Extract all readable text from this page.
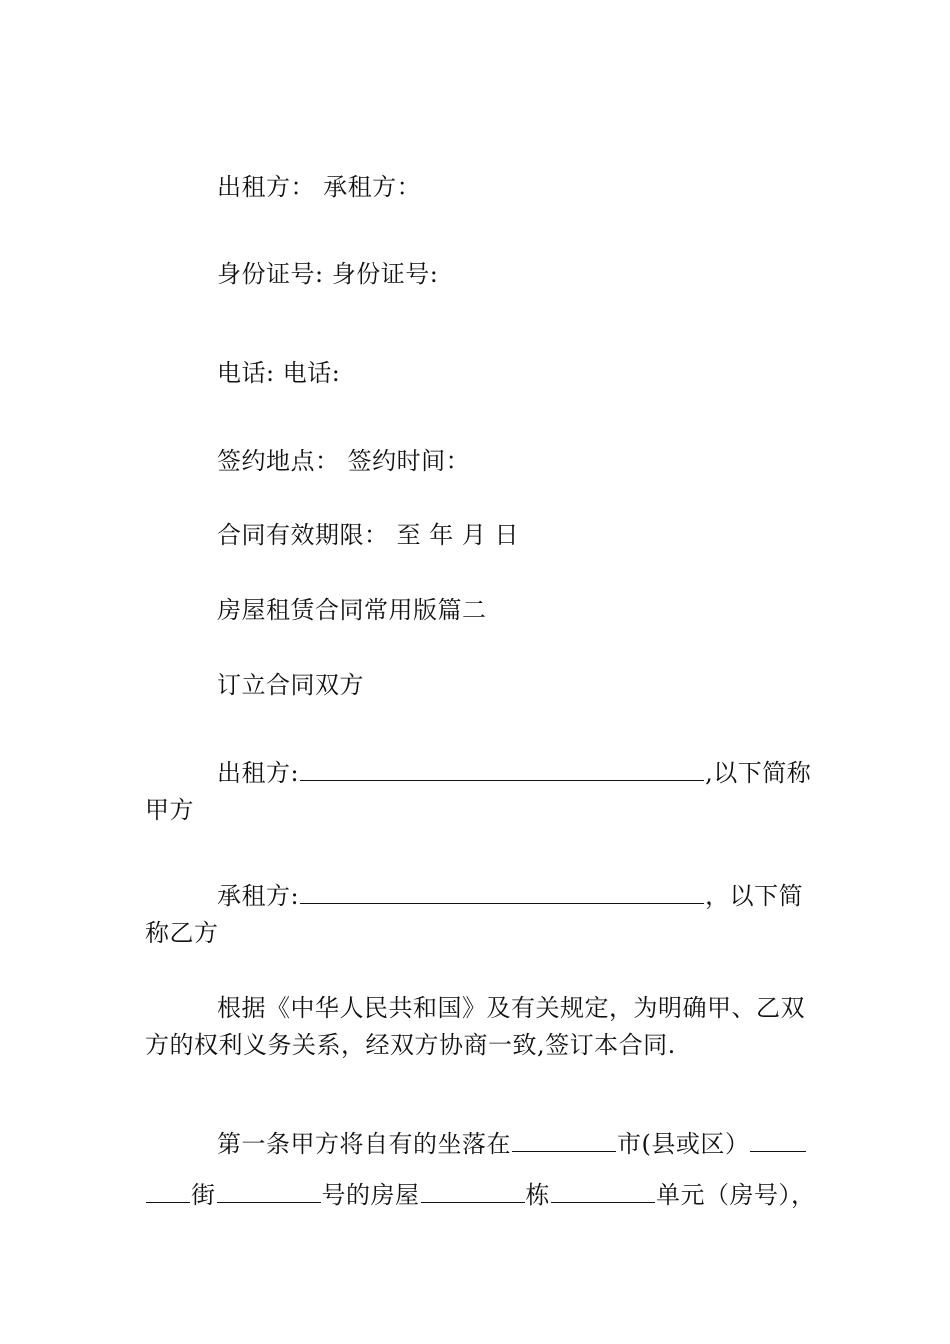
出租方： 承租方：
身份证号: 身份证号:
电话: 电话:
签约地点： 签约时间：
合同有效期限： 至 年 月 日
房屋租赁合同常用版篇二
订立合同双方
出租方:	,以下简称
甲方
承租方:	，以下简
称乙方
根据《中华人民共和国》及有关规定，为明确甲、乙双
方的权利义务关系，经双方协商一致,签订本合同.
第一条甲方将自有的坐落在	市(县或区）
街	号的房屋	栋	单元（房号），
